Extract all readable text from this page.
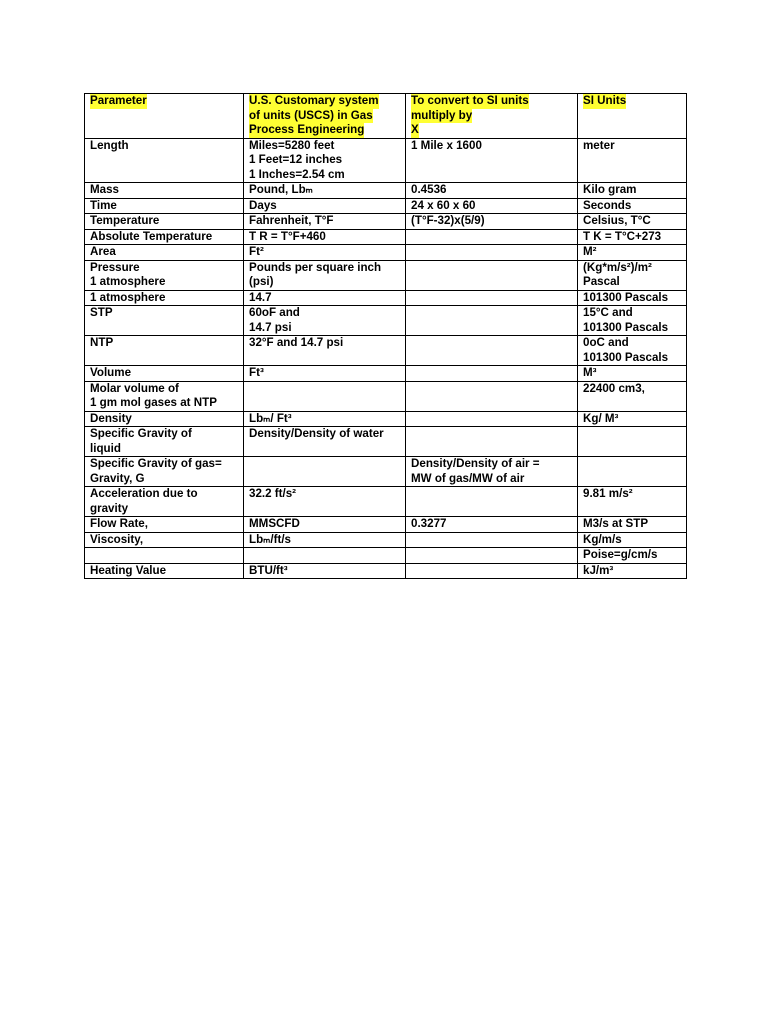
Parameter	U.S. Customary system
of units (USCS) in Gas
Process Engineering	To convert to SI units
multiply by
X	SI Units

Length	Miles=5280 feet
1 Feet=12 inches
1 Inches=2.54 cm	1 Mile x 1600	meter

Mass	Pound, Lbₘ	0.4536	Kilo gram

Time	Days	24 x 60 x 60	Seconds

Temperature	Fahrenheit, T°F	(T°F-32)x(5/9)	Celsius, T°C

Absolute Temperature	T R = T°F+460		T K = T°C+273

Area	Ft²		M²

Pressure
1 atmosphere	Pounds per square inch
(psi)		(Kg*m/s²)/m²
Pascal

1 atmosphere	14.7		101300 Pascals

STP	60oF and
14.7 psi		15°C and
101300 Pascals

NTP	32°F and 14.7 psi		0oC and
101300 Pascals

Volume	Ft³		M³

Molar volume of
1 gm mol gases at NTP			22400 cm3,

Density	Lbₘ/ Ft³		Kg/ M³

Specific Gravity of
liquid	Density/Density of water		

Specific Gravity of gas=
Gravity, G		Density/Density of air =
MW of gas/MW of air	

Acceleration due to
gravity	32.2 ft/s²		9.81 m/s²

Flow Rate,	MMSCFD	0.3277	M3/s at STP

Viscosity,	Lbₘ/ft/s		Kg/m/s

			Poise=g/cm/s

Heating Value	BTU/ft³		kJ/m³
